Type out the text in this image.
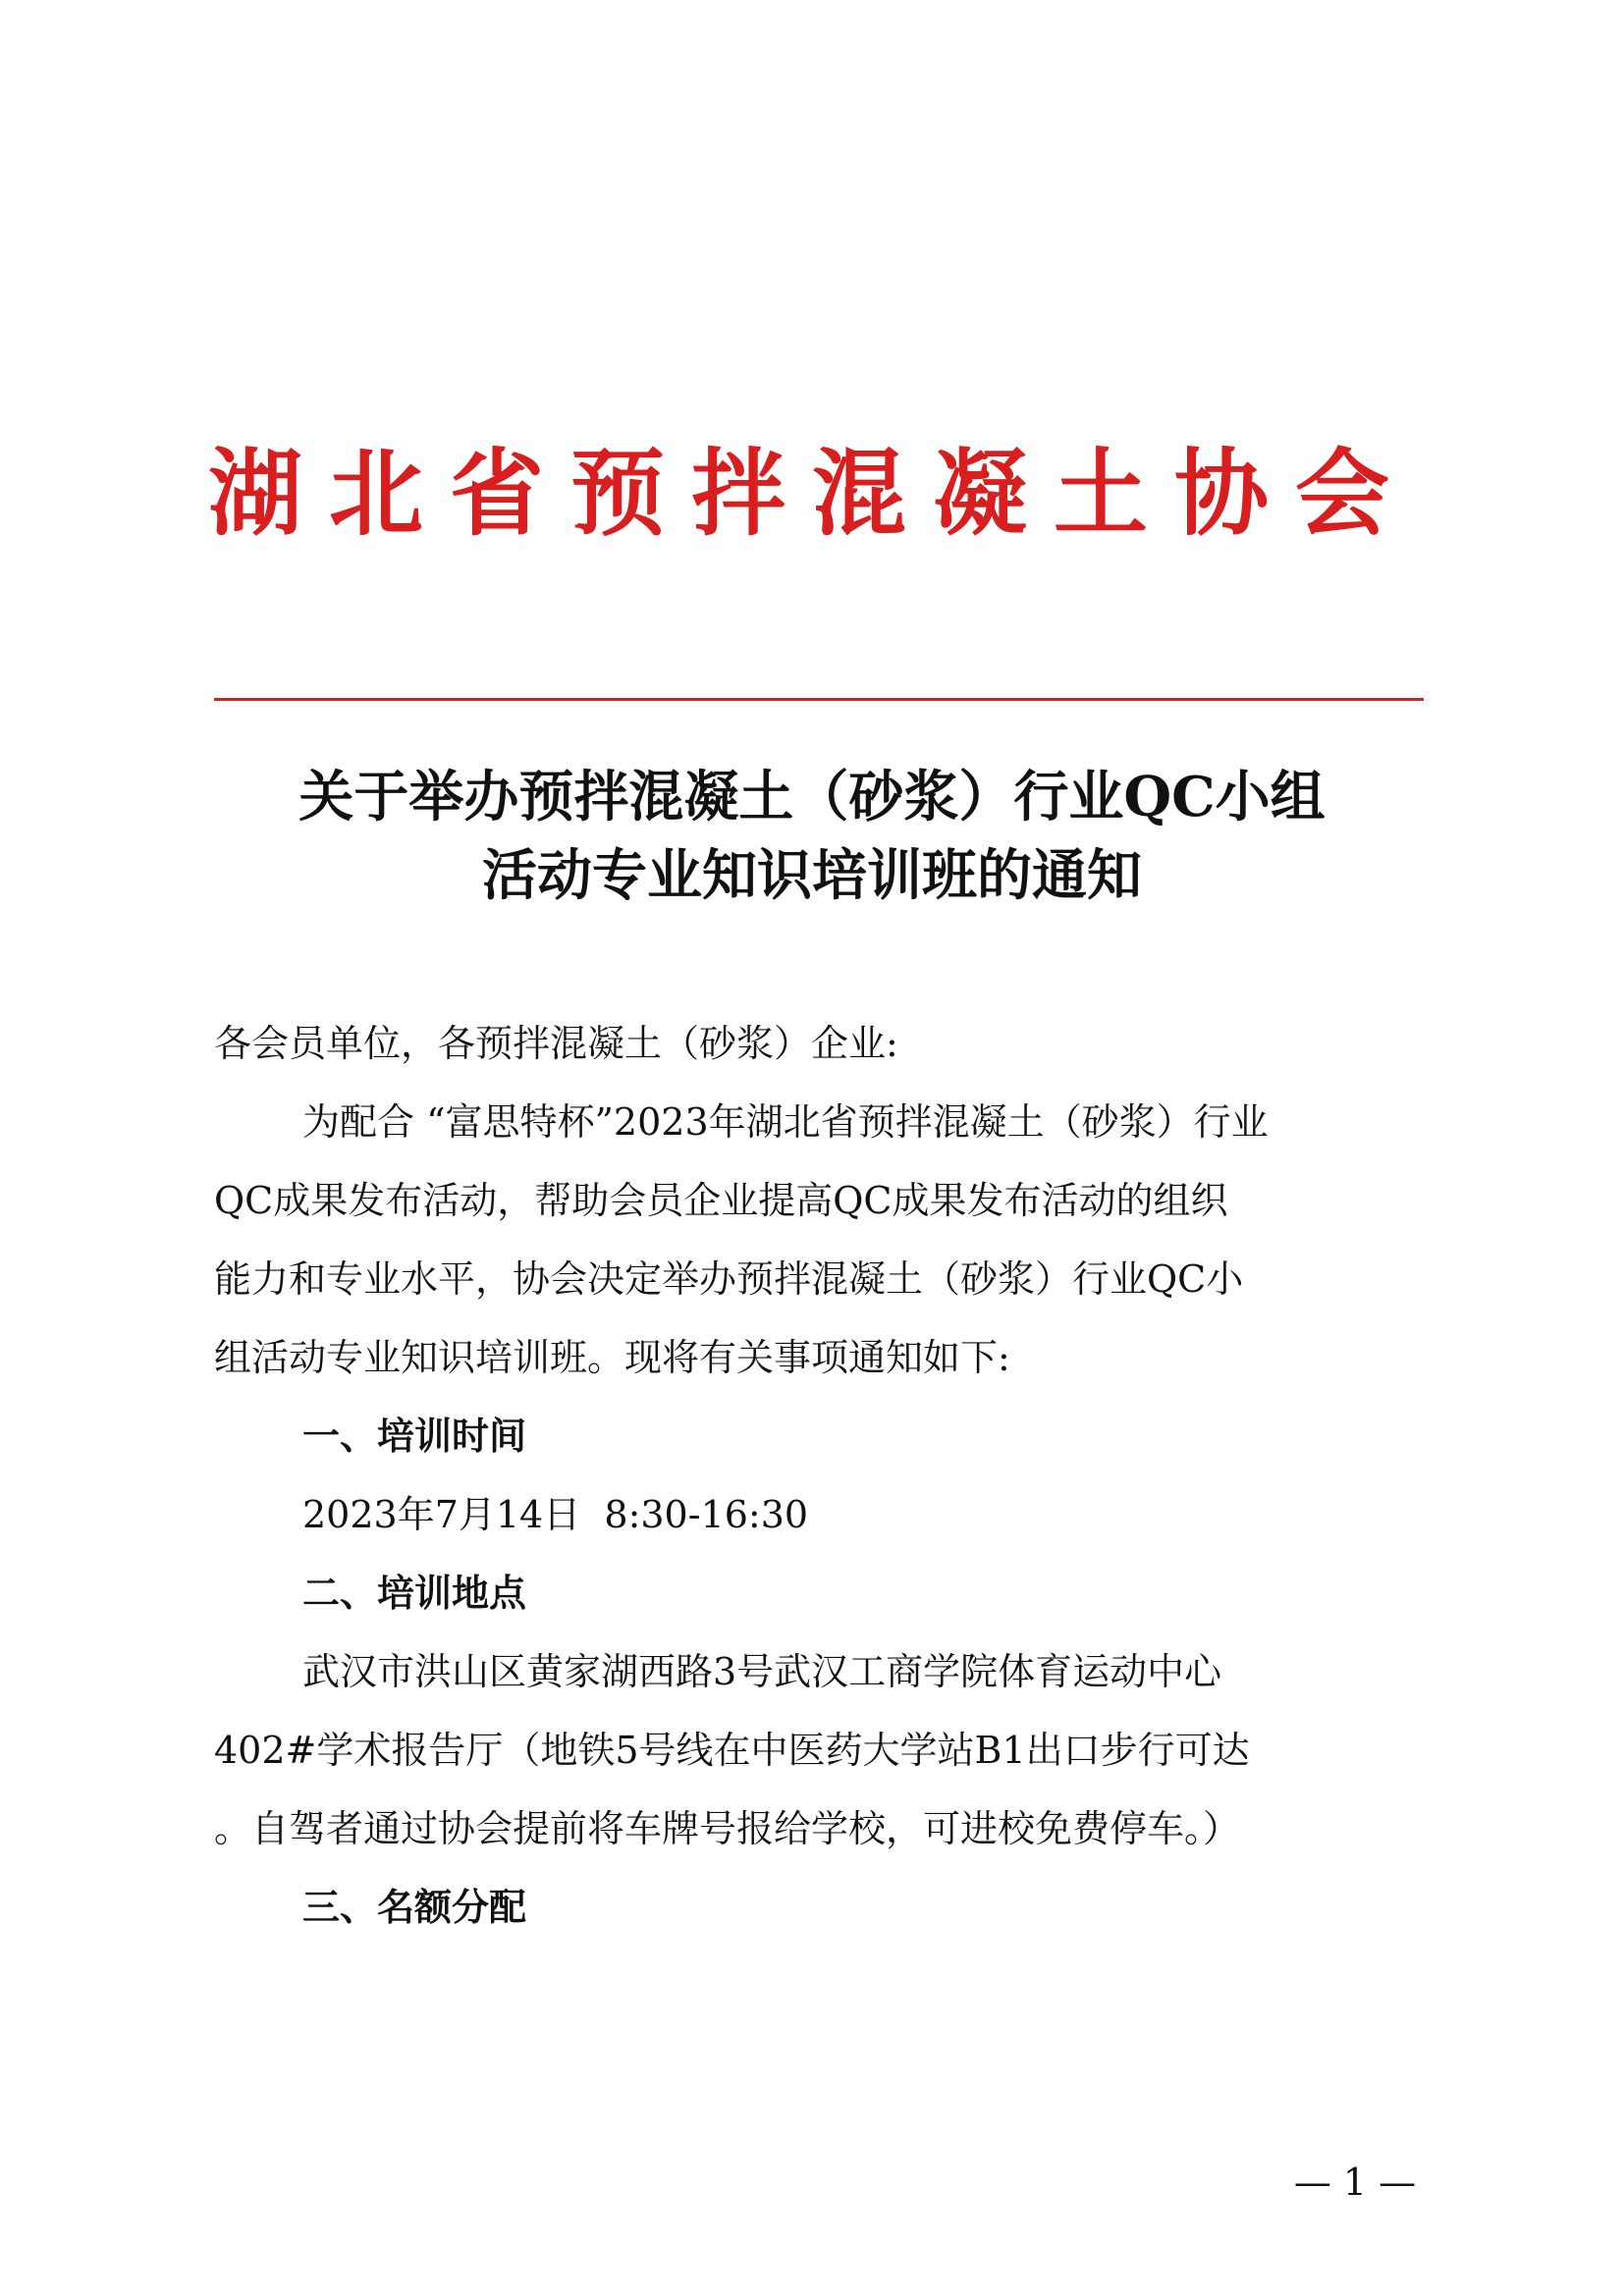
湖北省预拌混凝土协会
关于举办预拌混凝土（砂浆）行业QC小组
活动专业知识培训班的通知

各会员单位，各预拌混凝土（砂浆）企业:

为配合 “富思特杯”2023年湖北省预拌混凝土（砂浆）行业

QC成果发布活动，帮助会员企业提高QC成果发布活动的组织

能力和专业水平，协会决定举办预拌混凝土（砂浆）行业QC小

组活动专业知识培训班。现将有关事项通知如下:

一、培训时间

2023年7月14日  8:30-16:30

二、培训地点

武汉市洪山区黄家湖西路3号武汉工商学院体育运动中心

402#学术报告厅（地铁5号线在中医药大学站B1出口步行可达

。自驾者通过协会提前将车牌号报给学校，可进校免费停车。）

三、名额分配

— 1 —
